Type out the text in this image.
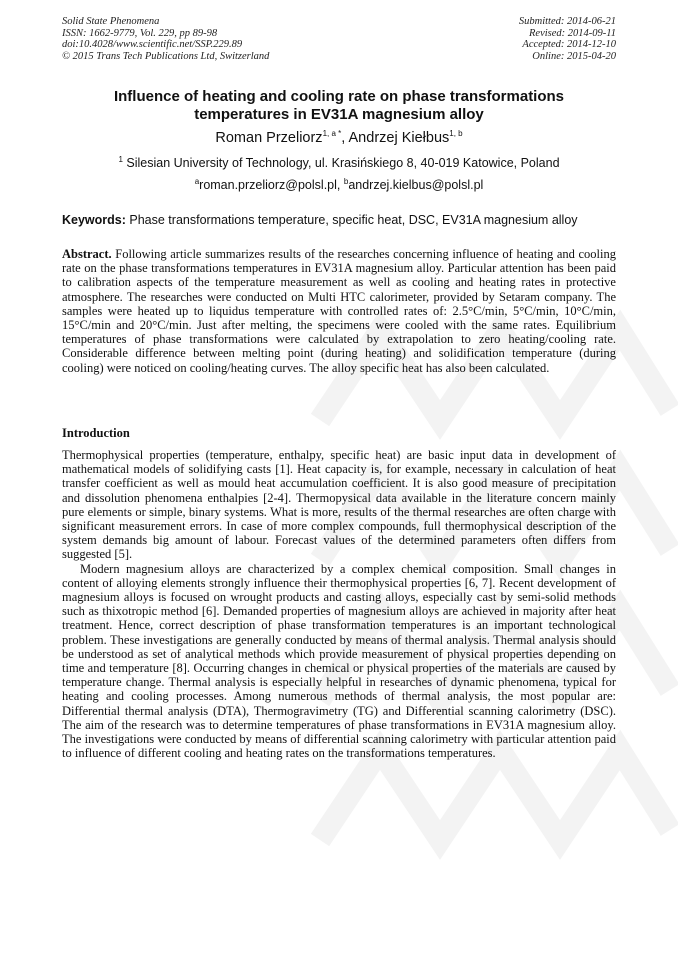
Solid State Phenomena
ISSN: 1662-9779, Vol. 229, pp 89-98
doi:10.4028/www.scientific.net/SSP.229.89
© 2015 Trans Tech Publications Ltd, Switzerland
Submitted: 2014-06-21
Revised: 2014-09-11
Accepted: 2014-12-10
Online: 2015-04-20
Influence of heating and cooling rate on phase transformations
temperatures in EV31A magnesium alloy
Roman Przeliorz$^{1, a *}$, Andrzej Kiełbus$^{1, b}$
$^1$ Silesian University of Technology, ul. Krasińskiego 8, 40-019 Katowice, Poland
$^a$roman.przeliorz@polsl.pl, $^b$andrzej.kielbus@polsl.pl
Keywords: Phase transformations temperature, specific heat, DSC, EV31A magnesium alloy

Abstract. Following article summarizes results of the researches concerning influence of heating and cooling rate on the phase transformations temperatures in EV31A magnesium alloy. Particular attention has been paid to calibration aspects of the temperature measurement as well as cooling and heating rates in protective atmosphere. The researches were conducted on Multi HTC calorimeter, provided by Setaram company. The samples were heated up to liquidus temperature with controlled rates of: 2.5°C/min, 5°C/min, 10°C/min, 15°C/min and 20°C/min. Just after melting, the specimens were cooled with the same rates. Equilibrium temperatures of phase transformations were calculated by extrapolation to zero heating/cooling rate. Considerable difference between melting point (during heating) and solidification temperature (during cooling) were noticed on cooling/heating curves. The alloy specific heat has also been calculated.

Introduction

Thermophysical properties (temperature, enthalpy, specific heat) are basic input data in development of mathematical models of solidifying casts [1]. Heat capacity is, for example, necessary in calculation of heat transfer coefficient as well as mould heat accumulation coefficient. It is also good measure of precipitation and dissolution phenomena enthalpies [2-4]. Thermopysical data available in the literature concern mainly pure elements or simple, binary systems. What is more, results of the thermal researches are often charge with significant measurement errors. In case of more complex compounds, full thermophysical description of the system demands big amount of labour. Forecast values of the determined parameters often differs from suggested [5].

Modern magnesium alloys are characterized by a complex chemical composition. Small changes in content of alloying elements strongly influence their thermophysical properties [6, 7]. Recent development of magnesium alloys is focused on wrought products and casting alloys, especially cast by semi-solid methods such as thixotropic method [6]. Demanded properties of magnesium alloys are achieved in majority after heat treatment. Hence, correct description of phase transformation temperatures is an important technological problem. These investigations are generally conducted by means of thermal analysis. Thermal analysis should be understood as set of analytical methods which provide measurement of physical properties depending on time and temperature [8]. Occurring changes in chemical or physical properties of the materials are caused by temperature change. Thermal analysis is especially helpful in researches of dynamic phenomena, typical for heating and cooling processes. Among numerous methods of thermal analysis, the most popular are: Differential thermal analysis (DTA), Thermogravimetry (TG) and Differential scanning calorimetry (DSC). The aim of the research was to determine temperatures of phase transformations in EV31A magnesium alloy. The investigations were conducted by means of differential scanning calorimetry with particular attention paid to influence of different cooling and heating rates on the transformations temperatures.
